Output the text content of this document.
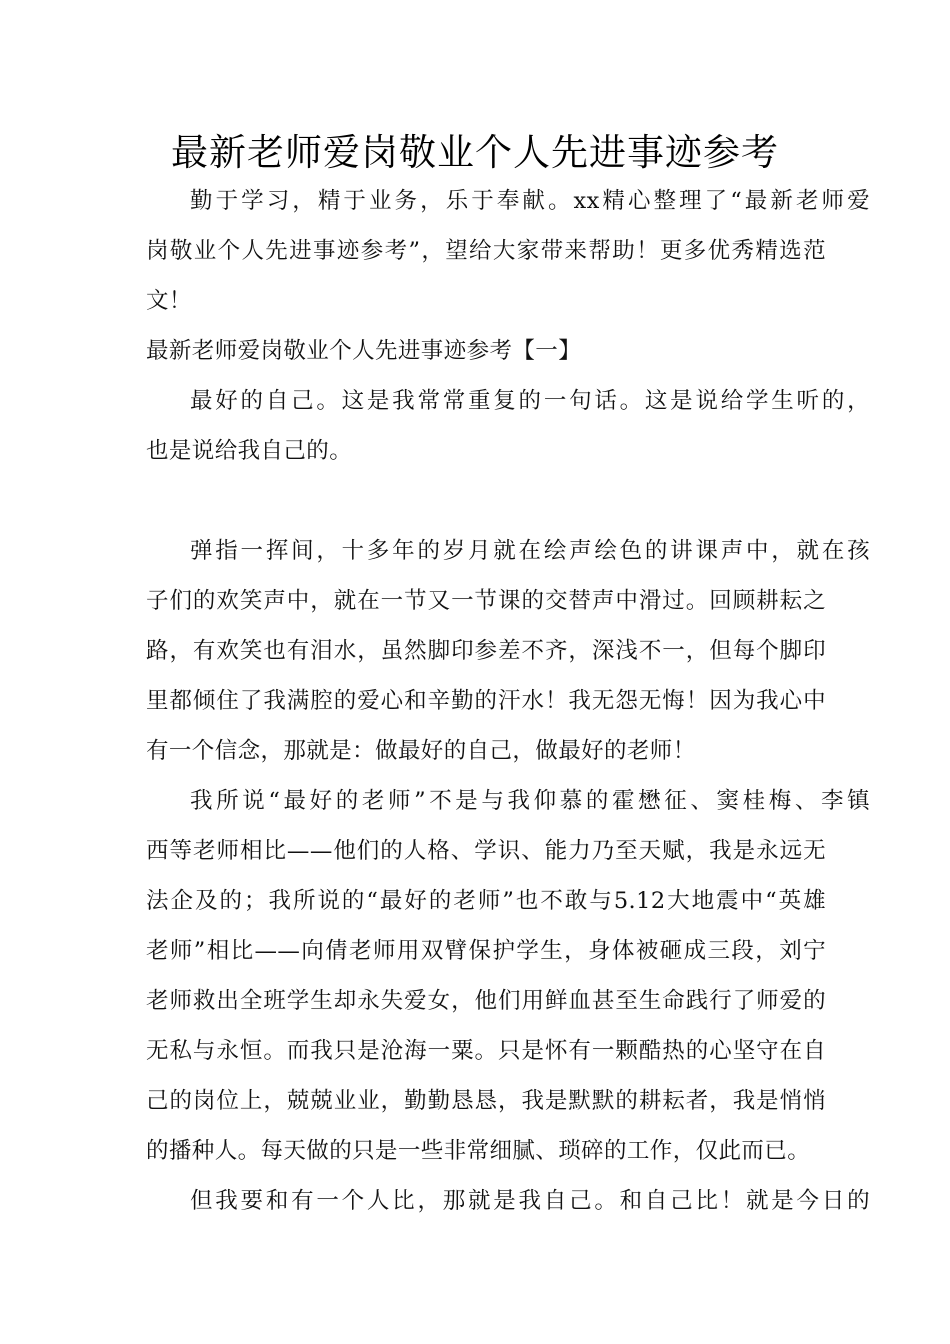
最新老师爱岗敬业个人先进事迹参考
勤于学习，精于业务，乐于奉献。xx精心整理了“最新老师爱
岗敬业个人先进事迹参考”，望给大家带来帮助！更多优秀精选范
文！
最新老师爱岗敬业个人先进事迹参考【一】
最好的自己。这是我常常重复的一句话。这是说给学生听的，
也是说给我自己的。
弹指一挥间，十多年的岁月就在绘声绘色的讲课声中，就在孩
子们的欢笑声中，就在一节又一节课的交替声中滑过。回顾耕耘之
路，有欢笑也有泪水，虽然脚印参差不齐，深浅不一，但每个脚印
里都倾住了我满腔的爱心和辛勤的汗水！我无怨无悔！因为我心中
有一个信念，那就是：做最好的自己，做最好的老师！
我所说“最好的老师”不是与我仰慕的霍懋征、窦桂梅、李镇
西等老师相比——他们的人格、学识、能力乃至天赋，我是永远无
法企及的；我所说的“最好的老师”也不敢与5.12大地震中“英雄
老师”相比——向倩老师用双臂保护学生，身体被砸成三段，刘宁
老师救出全班学生却永失爱女，他们用鲜血甚至生命践行了师爱的
无私与永恒。而我只是沧海一粟。只是怀有一颗酷热的心坚守在自
己的岗位上，兢兢业业，勤勤恳恳，我是默默的耕耘者，我是悄悄
的播种人。每天做的只是一些非常细腻、琐碎的工作，仅此而已。
但我要和有一个人比，那就是我自己。和自己比！就是今日的
